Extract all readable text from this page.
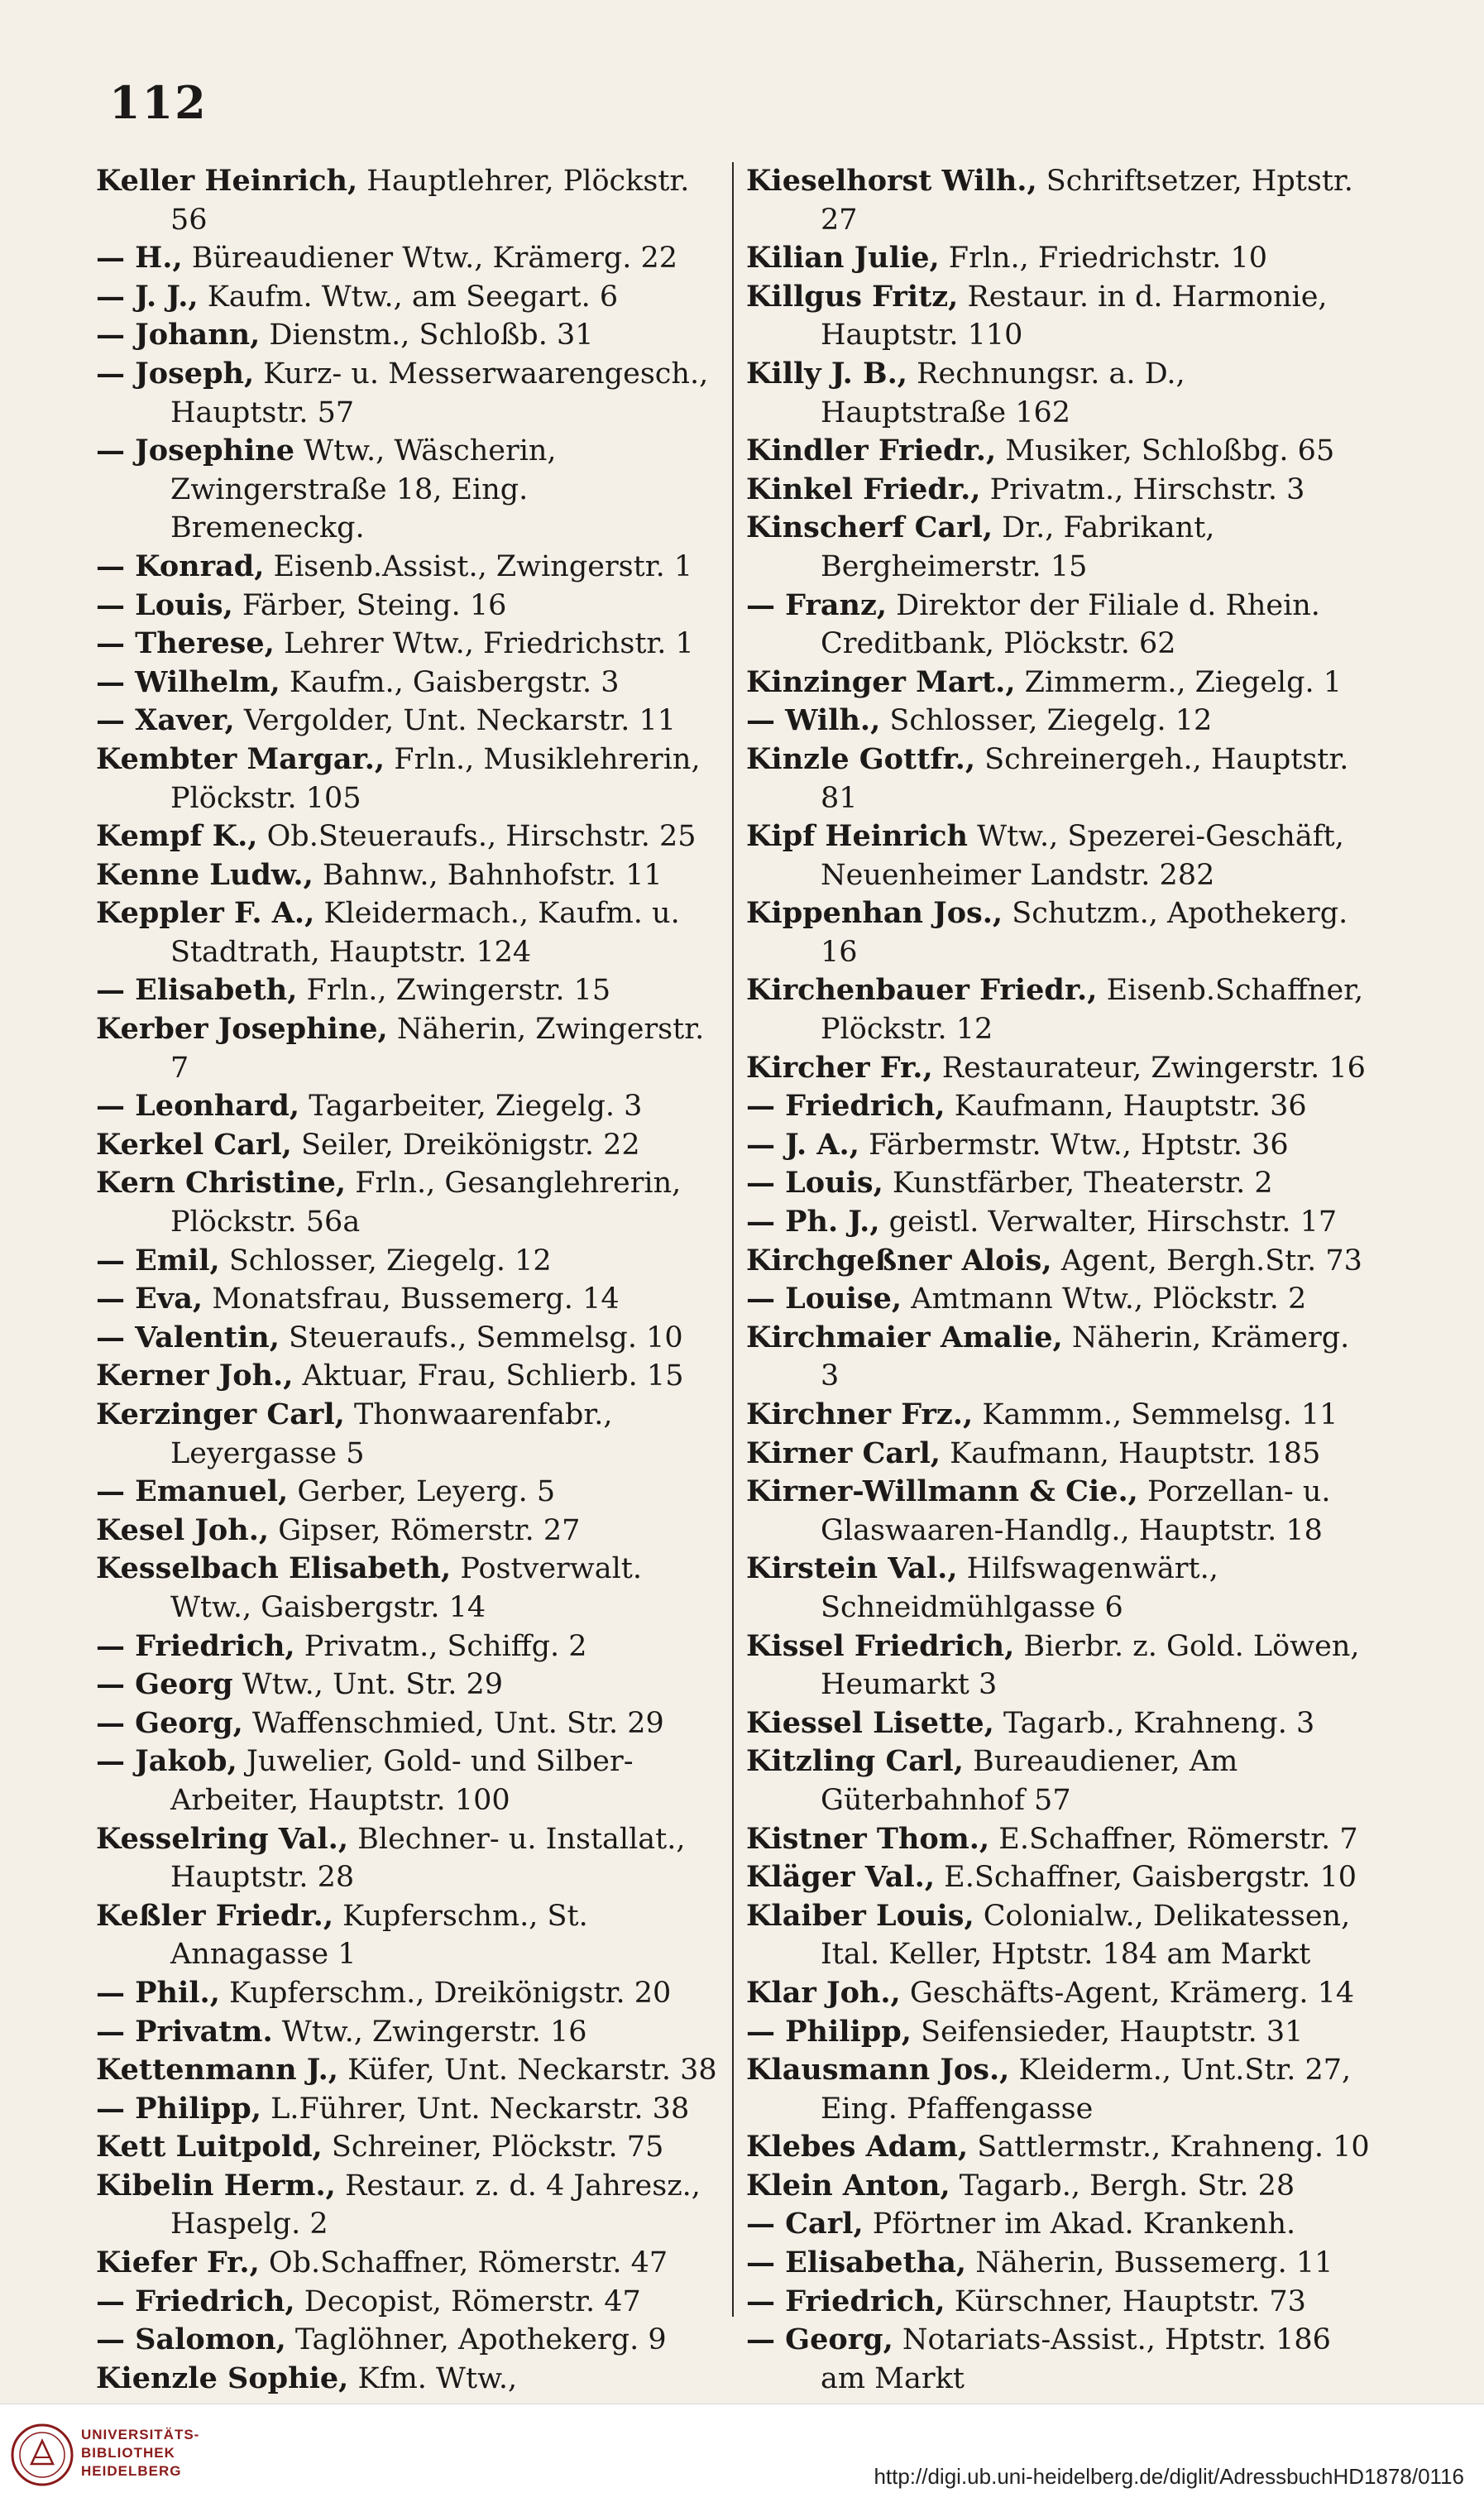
112
Keller Heinrich, Hauptlehrer, Plöckstr. 56
— H., Büreaudiener Wtw., Krämerg. 22
— J. J., Kaufm. Wtw., am Seegart. 6
— Johann, Dienstm., Schloßb. 31
— Joseph, Kurz- u. Messerwaarengesch., Hauptstr. 57
— Josephine Wtw., Wäscherin, Zwingerstraße 18, Eing. Bremeneckg.
— Konrad, Eisenb.Assist., Zwingerstr. 1
— Louis, Färber, Steing. 16
— Therese, Lehrer Wtw., Friedrichstr. 1
— Wilhelm, Kaufm., Gaisbergstr. 3
— Xaver, Vergolder, Unt. Neckarstr. 11
Kembter Margar., Frln., Musiklehrerin, Plöckstr. 105
Kempf K., Ob.Steueraufs., Hirschstr. 25
Kenne Ludw., Bahnw., Bahnhofstr. 11
Keppler F. A., Kleidermach., Kaufm. u. Stadtrath, Hauptstr. 124
— Elisabeth, Frln., Zwingerstr. 15
Kerber Josephine, Näherin, Zwingerstr. 7
— Leonhard, Tagarbeiter, Ziegelg. 3
Kerkel Carl, Seiler, Dreikönigstr. 22
Kern Christine, Frln., Gesanglehrerin, Plöckstr. 56a
— Emil, Schlosser, Ziegelg. 12
— Eva, Monatsfrau, Bussemerg. 14
— Valentin, Steueraufs., Semmelsg. 10
Kerner Joh., Aktuar, Frau, Schlierb. 15
Kerzinger Carl, Thonwaarenfabr., Leyergasse 5
— Emanuel, Gerber, Leyerg. 5
Kesel Joh., Gipser, Römerstr. 27
Kesselbach Elisabeth, Postverwalt. Wtw., Gaisbergstr. 14
— Friedrich, Privatm., Schiffg. 2
— Georg Wtw., Unt. Str. 29
— Georg, Waffenschmied, Unt. Str. 29
— Jakob, Juwelier, Gold- und Silber-Arbeiter, Hauptstr. 100
Kesselring Val., Blechner- u. Installat., Hauptstr. 28
Keßler Friedr., Kupferschm., St. Annagasse 1
— Phil., Kupferschm., Dreikönigstr. 20
— Privatm. Wtw., Zwingerstr. 16
Kettenmann J., Küfer, Unt. Neckarstr. 38
— Philipp, L.Führer, Unt. Neckarstr. 38
Kett Luitpold, Schreiner, Plöckstr. 75
Kibelin Herm., Restaur. z. d. 4 Jahresz., Haspelg. 2
Kiefer Fr., Ob.Schaffner, Römerstr. 47
— Friedrich, Decopist, Römerstr. 47
— Salomon, Taglöhner, Apothekerg. 9
Kienzle Sophie, Kfm. Wtw.,
Kieselhorst Wilh., Schriftsetzer, Hptstr. 27
Kilian Julie, Frln., Friedrichstr. 10
Killgus Fritz, Restaur. in d. Harmonie, Hauptstr. 110
Killy J. B., Rechnungsr. a. D., Hauptstraße 162
Kindler Friedr., Musiker, Schloßbg. 65
Kinkel Friedr., Privatm., Hirschstr. 3
Kinscherf Carl, Dr., Fabrikant, Bergheimerstr. 15
— Franz, Direktor der Filiale d. Rhein. Creditbank, Plöckstr. 62
Kinzinger Mart., Zimmerm., Ziegelg. 1
— Wilh., Schlosser, Ziegelg. 12
Kinzle Gottfr., Schreinergeh., Hauptstr. 81
Kipf Heinrich Wtw., Spezerei-Geschäft, Neuenheimer Landstr. 282
Kippenhan Jos., Schutzm., Apothekerg. 16
Kirchenbauer Friedr., Eisenb.Schaffner, Plöckstr. 12
Kircher Fr., Restaurateur, Zwingerstr. 16
— Friedrich, Kaufmann, Hauptstr. 36
— J. A., Färbermstr. Wtw., Hptstr. 36
— Louis, Kunstfärber, Theaterstr. 2
— Ph. J., geistl. Verwalter, Hirschstr. 17
Kirchgeßner Alois, Agent, Bergh.Str. 73
— Louise, Amtmann Wtw., Plöckstr. 2
Kirchmaier Amalie, Näherin, Krämerg. 3
Kirchner Frz., Kammm., Semmelsg. 11
Kirner Carl, Kaufmann, Hauptstr. 185
Kirner-Willmann & Cie., Porzellan- u. Glaswaaren-Handlg., Hauptstr. 18
Kirstein Val., Hilfswagenwärt., Schneidmühlgasse 6
Kissel Friedrich, Bierbr. z. Gold. Löwen, Heumarkt 3
Kiessel Lisette, Tagarb., Krahneng. 3
Kitzling Carl, Bureaudiener, Am Güterbahnhof 57
Kistner Thom., E.Schaffner, Römerstr. 7
Kläger Val., E.Schaffner, Gaisbergstr. 10
Klaiber Louis, Colonialw., Delikatessen, Ital. Keller, Hptstr. 184 am Markt
Klar Joh., Geschäfts-Agent, Krämerg. 14
— Philipp, Seifensieder, Hauptstr. 31
Klausmann Jos., Kleiderm., Unt.Str. 27, Eing. Pfaffengasse
Klebes Adam, Sattlermstr., Krahneng. 10
Klein Anton, Tagarb., Bergh. Str. 28
— Carl, Pförtner im Akad. Krankenh.
— Elisabetha, Näherin, Bussemerg. 11
— Friedrich, Kürschner, Hauptstr. 73
— Georg, Notariats-Assist., Hptstr. 186 am Markt
UNIVERSITÄTS-
BIBLIOTHEK
HEIDELBERG	http://digi.ub.uni-heidelberg.de/diglit/AdressbuchHD1878/0116
